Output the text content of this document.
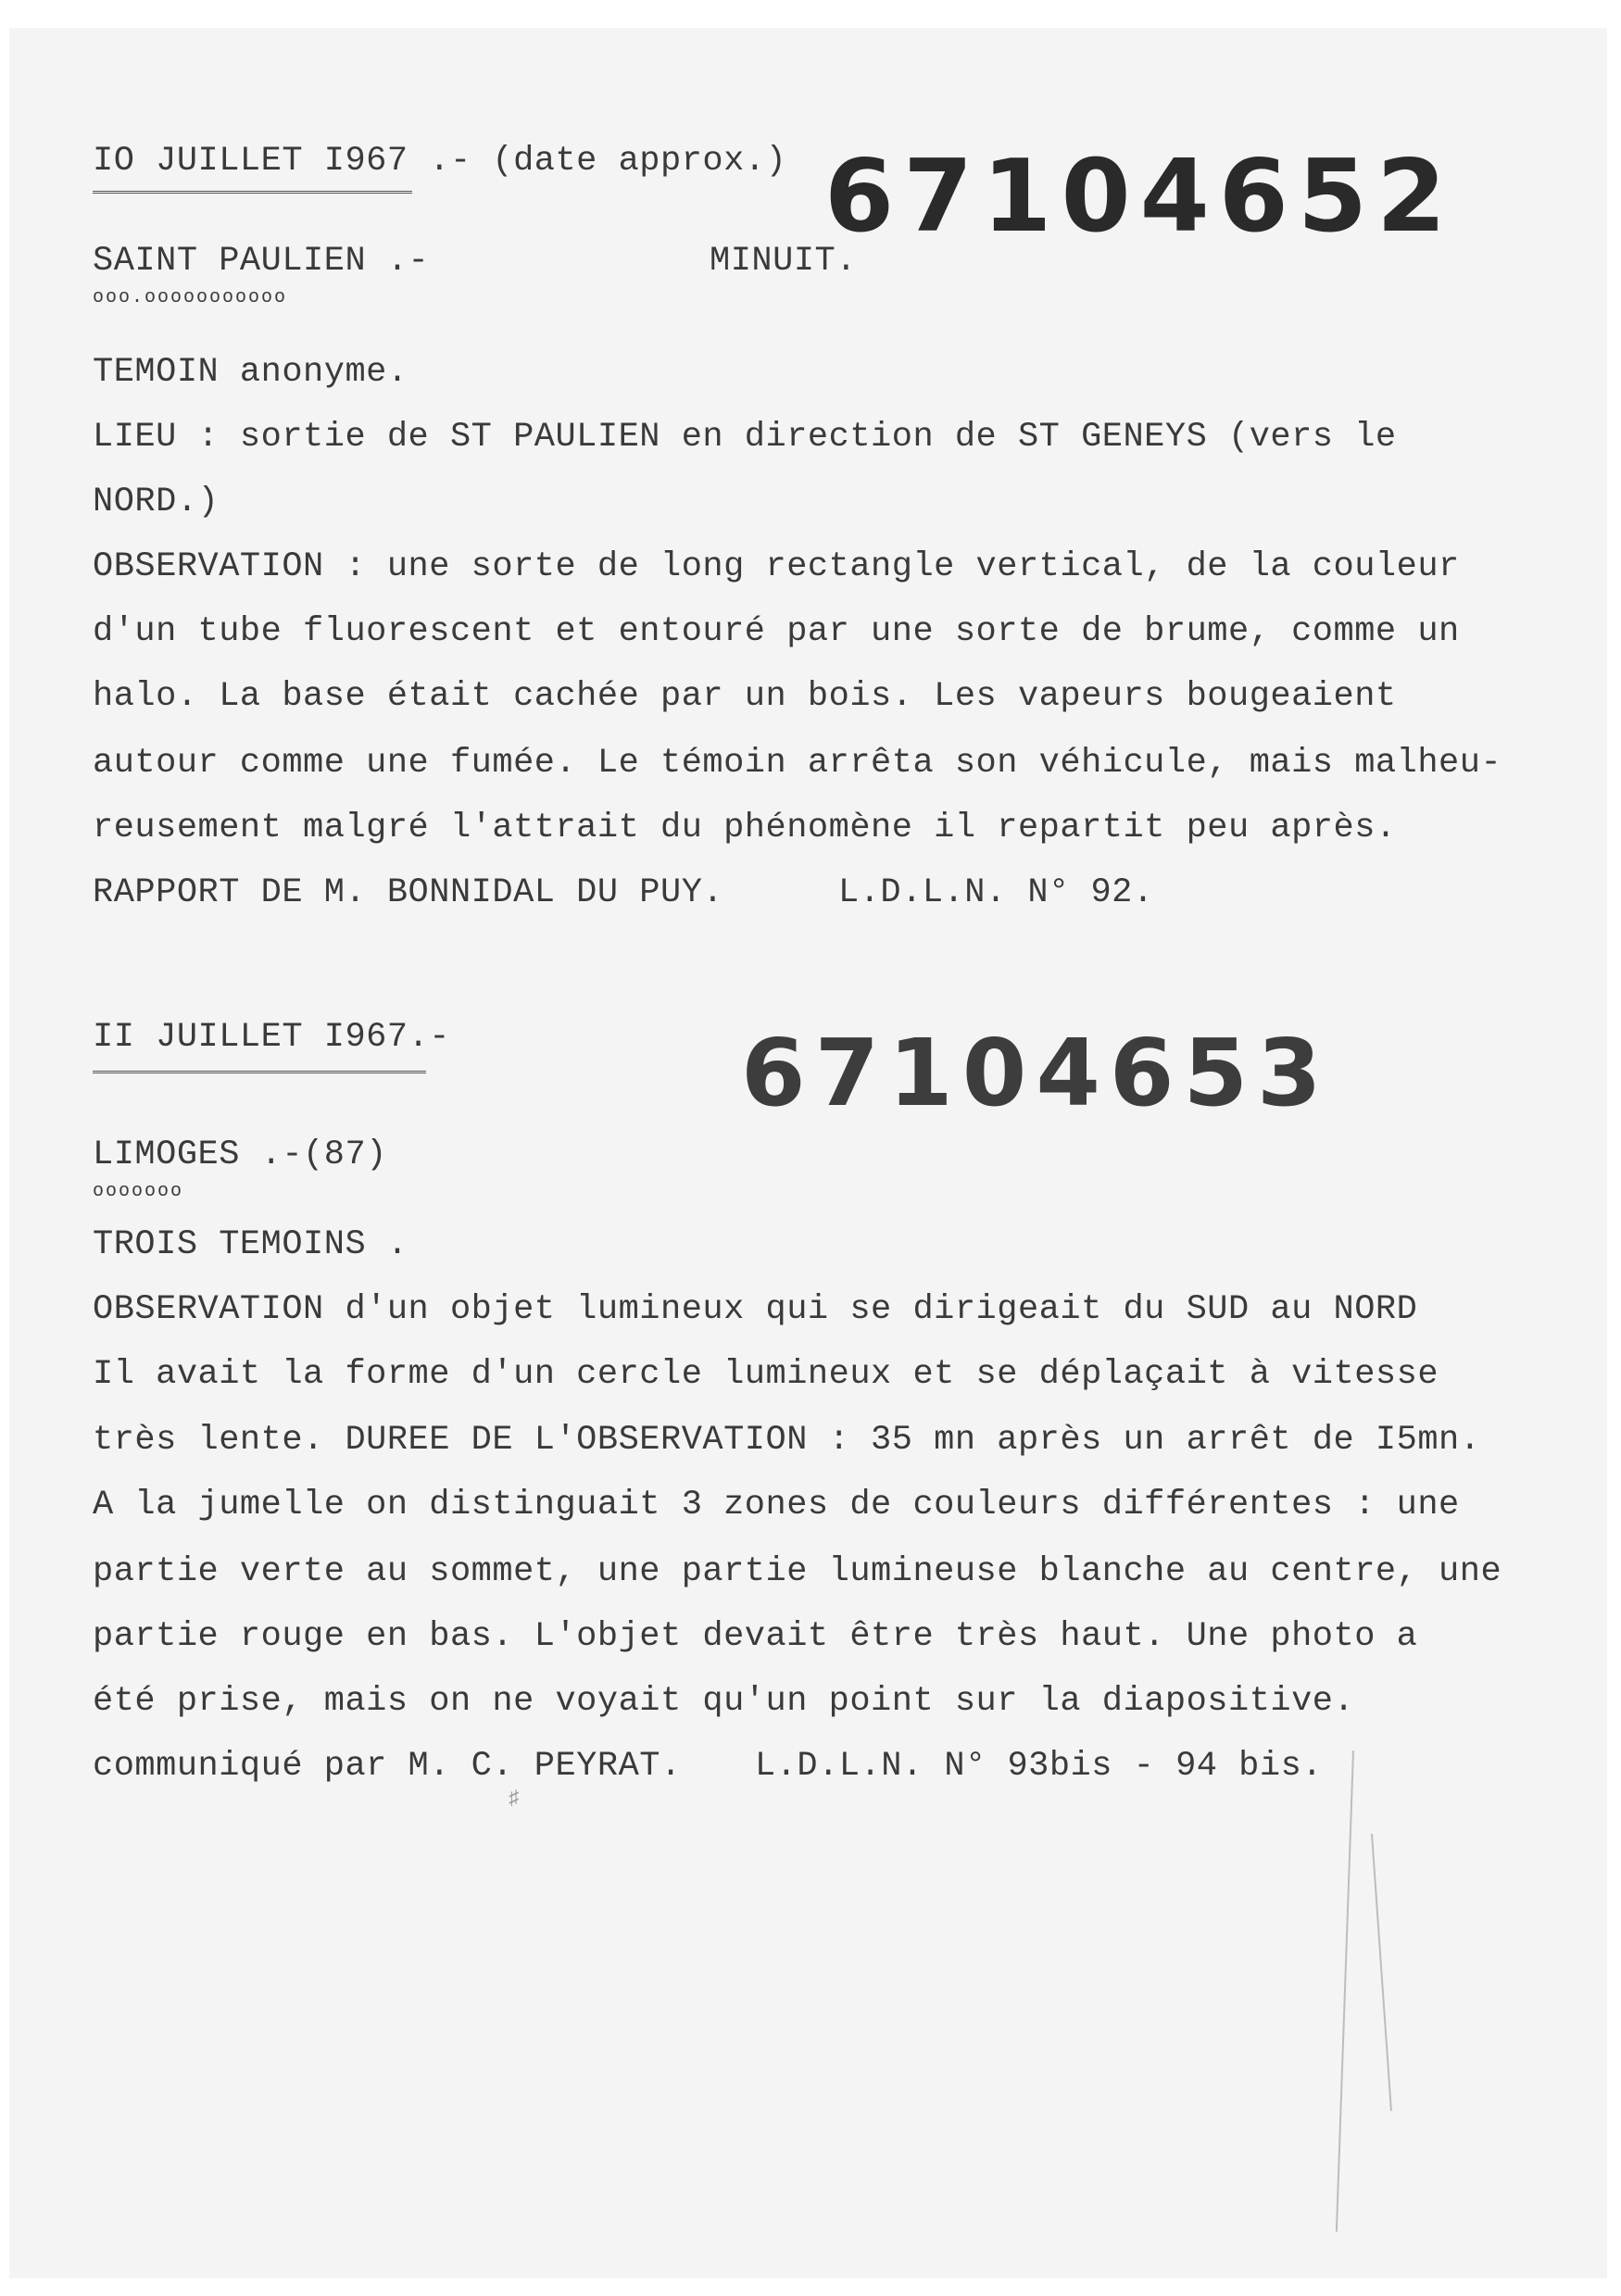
IO JUILLET I967 .- (date approx.) 67104652
SAINT PAULIEN .-	MINUIT.
ooo.ooooooooooo
TEMOIN anonyme.
LIEU : sortie de ST PAULIEN en direction de ST GENEYS (vers le
NORD.)
OBSERVATION : une sorte de long rectangle vertical, de la couleur
d'un tube fluorescent et entouré par une sorte de brume, comme un
halo. La base était cachée par un bois. Les vapeurs bougeaient
autour comme une fumée. Le témoin arrêta son véhicule, mais malheu-
reusement malgré l'attrait du phénomène il repartit peu après.
RAPPORT DE M. BONNIDAL DU PUY.	L.D.L.N. N° 92.
II JUILLET I967.-	67104653
LIMOGES .-(87)
ooooooo
TROIS TEMOINS .
OBSERVATION d'un objet lumineux qui se dirigeait du SUD au NORD
Il avait la forme d'un cercle lumineux et se déplaçait à vitesse
très lente. DUREE DE L'OBSERVATION : 35 mn après un arrêt de I5mn.
A la jumelle on distinguait 3 zones de couleurs différentes : une
partie verte au sommet, une partie lumineuse blanche au centre, une
partie rouge en bas. L'objet devait être très haut. Une photo a
été prise, mais on ne voyait qu'un point sur la diapositive.
communiqué par M. C. PEYRAT. L.D.L.N. N° 93bis - 94 bis.
♯
